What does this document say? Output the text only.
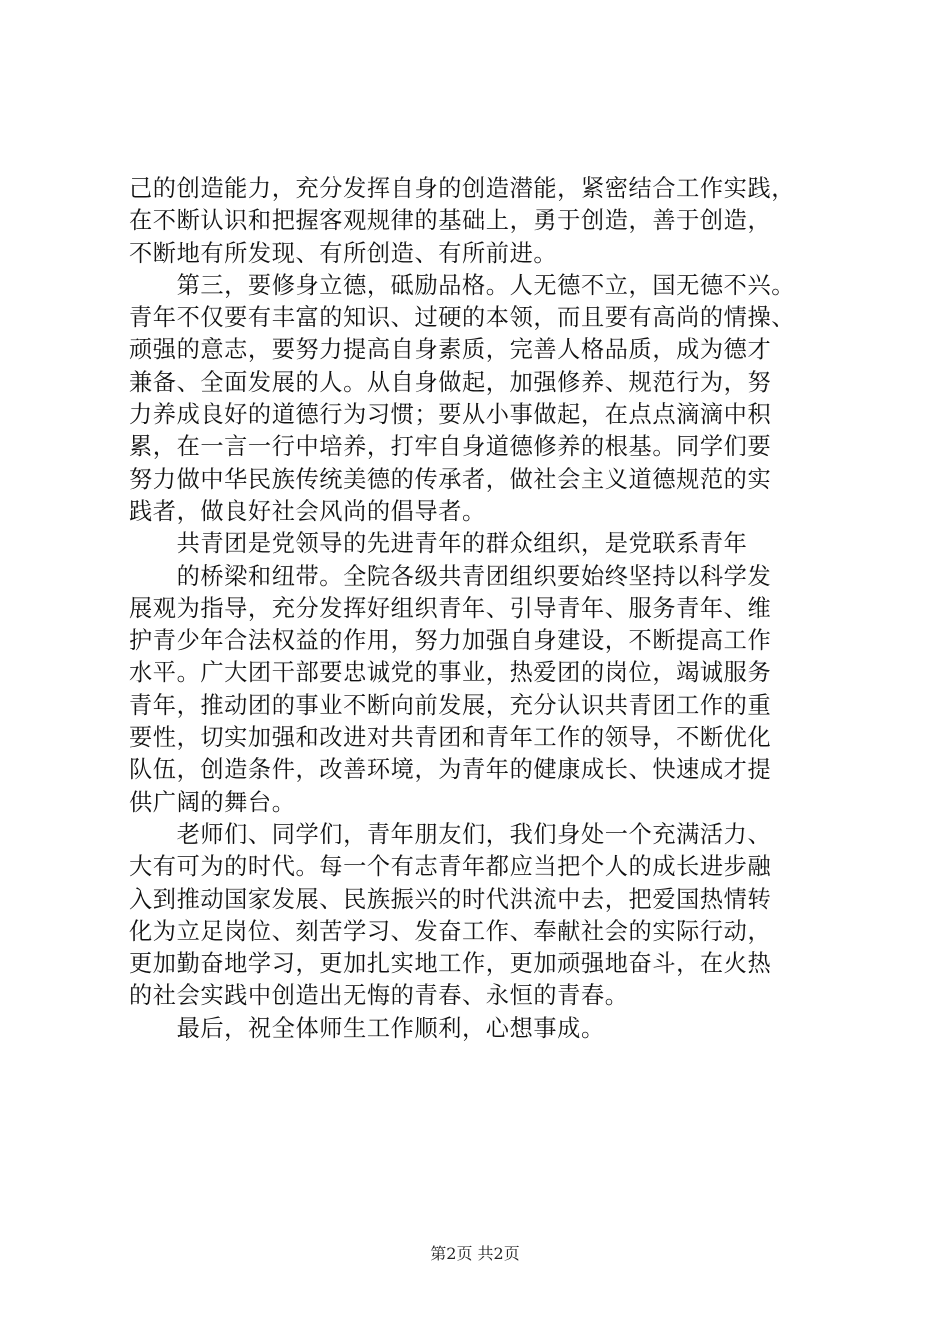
己的创造能力，充分发挥自身的创造潜能，紧密结合工作实践，
在不断认识和把握客观规律的基础上，勇于创造，善于创造，
不断地有所发现、有所创造、有所前进。
　　第三，要修身立德，砥励品格。人无德不立，国无德不兴。
青年不仅要有丰富的知识、过硬的本领，而且要有高尚的情操、
顽强的意志，要努力提高自身素质，完善人格品质，成为德才
兼备、全面发展的人。从自身做起，加强修养、规范行为，努
力养成良好的道德行为习惯；要从小事做起，在点点滴滴中积
累，在一言一行中培养，打牢自身道德修养的根基。同学们要
努力做中华民族传统美德的传承者，做社会主义道德规范的实
践者，做良好社会风尚的倡导者。
　　共青团是党领导的先进青年的群众组织，是党联系青年
　　的桥梁和纽带。全院各级共青团组织要始终坚持以科学发
展观为指导，充分发挥好组织青年、引导青年、服务青年、维
护青少年合法权益的作用，努力加强自身建设，不断提高工作
水平。广大团干部要忠诚党的事业，热爱团的岗位，竭诚服务
青年，推动团的事业不断向前发展，充分认识共青团工作的重
要性，切实加强和改进对共青团和青年工作的领导，不断优化
队伍，创造条件，改善环境，为青年的健康成长、快速成才提
供广阔的舞台。
　　老师们、同学们，青年朋友们，我们身处一个充满活力、
大有可为的时代。每一个有志青年都应当把个人的成长进步融
入到推动国家发展、民族振兴的时代洪流中去，把爱国热情转
化为立足岗位、刻苦学习、发奋工作、奉献社会的实际行动，
更加勤奋地学习，更加扎实地工作，更加顽强地奋斗，在火热
的社会实践中创造出无悔的青春、永恒的青春。
　　最后，祝全体师生工作顺利，心想事成。
第2页 共2页
